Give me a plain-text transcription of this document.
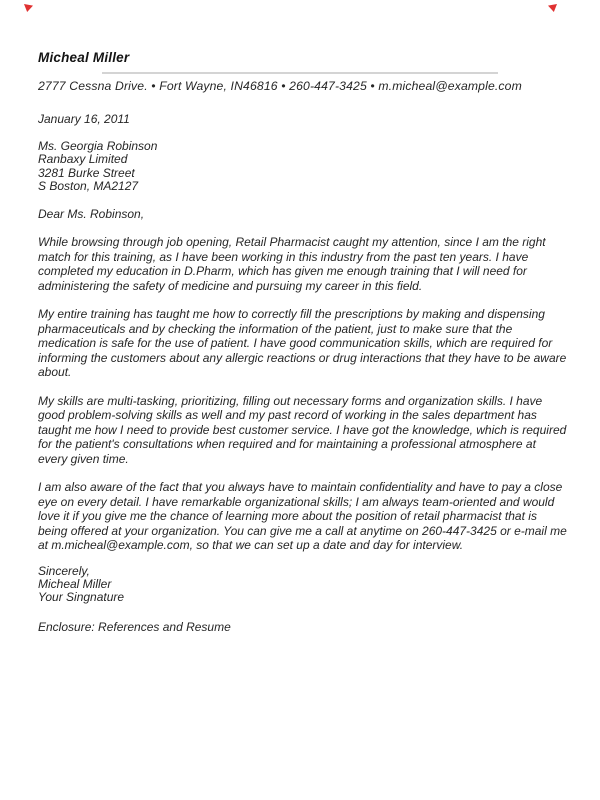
Micheal Miller
2777 Cessna Drive. • Fort Wayne, IN46816 • 260-447-3425 • m.micheal@example.com
January 16, 2011
Ms. Georgia Robinson
Ranbaxy Limited
3281 Burke Street
S Boston, MA2127
Dear Ms. Robinson,
While browsing through job opening, Retail Pharmacist caught my attention, since I am the right match for this training, as I have been working in this industry from the past ten years. I have completed my education in D.Pharm, which has given me enough training that I will need for administering the safety of medicine and pursuing my career in this field.
My entire training has taught me how to correctly fill the prescriptions by making and dispensing pharmaceuticals and by checking the information of the patient, just to make sure that the medication is safe for the use of patient. I have good communication skills, which are required for informing the customers about any allergic reactions or drug interactions that they have to be aware about.
My skills are multi-tasking, prioritizing, filling out necessary forms and organization skills. I have good problem-solving skills as well and my past record of working in the sales department has taught me how I need to provide best customer service. I have got the knowledge, which is required for the patient's consultations when required and for maintaining a professional atmosphere at every given time.
I am also aware of the fact that you always have to maintain confidentiality and have to pay a close eye on every detail. I have remarkable organizational skills; I am always team-oriented and would love it if you give me the chance of learning more about the position of retail pharmacist that is being offered at your organization. You can give me a call at anytime on 260-447-3425 or e-mail me at m.micheal@example.com, so that we can set up a date and day for interview.
Sincerely,
Micheal Miller
Your Singnature
Enclosure: References and Resume
